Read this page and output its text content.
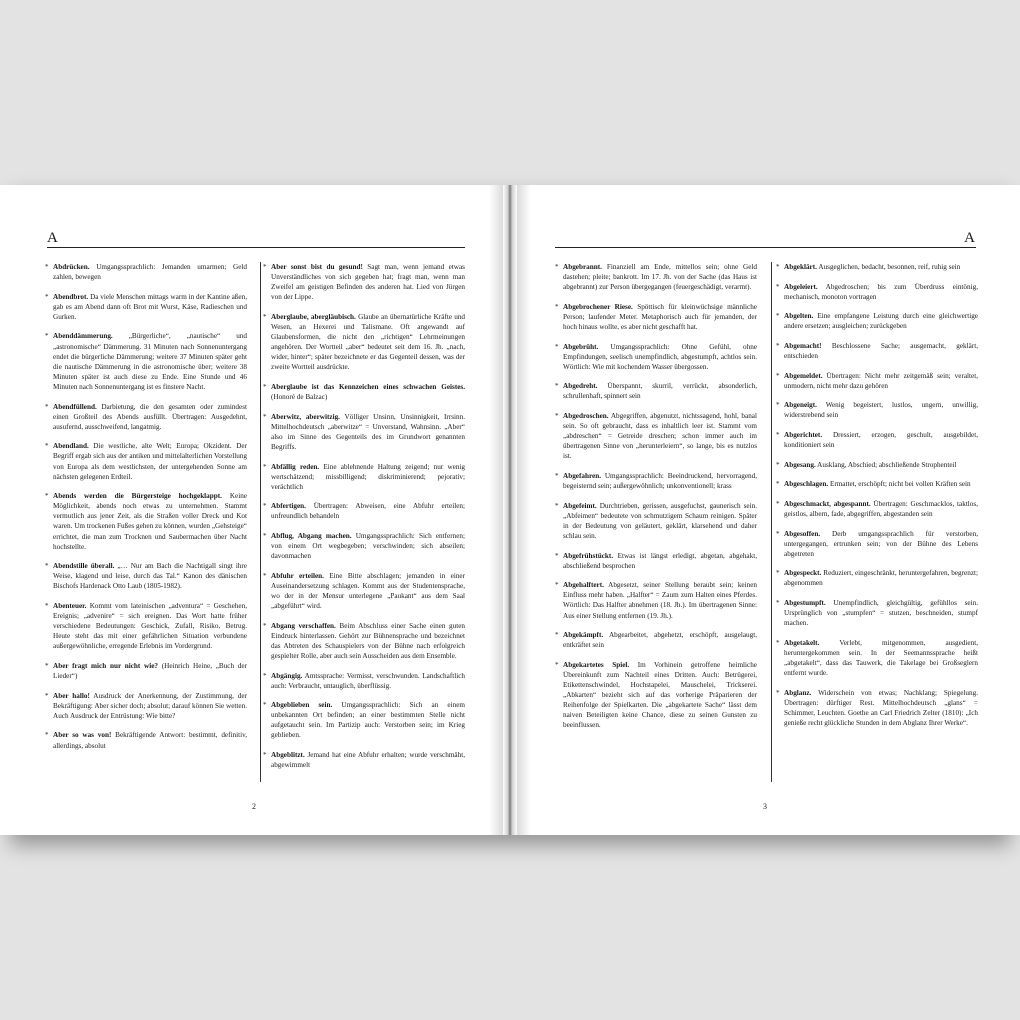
A
* Abdrücken. Umgangssprachlich: Jemanden umarmen; Geld zahlen, bewegen
* Abendbrot. Da viele Menschen mittags warm in der Kantine aßen, gab es am Abend dann oft Brot mit Wurst, Käse, Radieschen und Gurken.
* Abenddämmerung. „Bürgerliche“, „nautische“ und „astronomische“ Dämmerung. 31 Minuten nach Sonnenuntergang endet die bürgerliche Dämmerung; weitere 37 Minuten später geht die nautische Dämmerung in die astronomische über; weitere 38 Minuten später ist auch diese zu Ende. Eine Stunde und 46 Minuten nach Sonnenuntergang ist es finstere Nacht.
* Abendfüllend. Darbietung, die den gesamten oder zumindest einen Großteil des Abends ausfüllt. Übertragen: Ausgedehnt, ausufernd, ausschweifend, langatmig.
* Abendland. Die westliche, alte Welt; Europa; Okzident. Der Begriff ergab sich aus der antiken und mittelalterlichen Vorstellung von Europa als dem westlichsten, der untergehenden Sonne am nächsten gelegenen Erdteil.
* Abends werden die Bürgersteige hochgeklappt. Keine Möglichkeit, abends noch etwas zu unternehmen. Stammt vermutlich aus jener Zeit, als die Straßen voller Dreck und Kot waren. Um trockenen Fußes gehen zu können, wurden „Gehsteige“ errichtet, die man zum Trocknen und Saubermachen über Nacht hochstellte.
* Abendstille überall. „… Nur am Bach die Nachtigall singt ihre Weise, klagend und leise, durch das Tal.“ Kanon des dänischen Bischofs Hardenack Otto Laub (1805-1982).
* Abenteuer. Kommt vom lateinischen „adventura“ = Geschehen, Ereignis; „advenire“ = sich ereignen. Das Wort hatte früher verschiedene Bedeutungen: Geschick, Zufall, Risiko, Betrug. Heute steht das mit einer gefährlichen Situation verbundene außergewöhnliche, erregende Erlebnis im Vordergrund.
* Aber fragt mich nur nicht wie? (Heinrich Heine, „Buch der Lieder“)
* Aber hallo! Ausdruck der Anerkennung, der Zustimmung, der Bekräftigung: Aber sicher doch; absolut; darauf können Sie wetten. Auch Ausdruck der Entrüstung: Wie bitte?
* Aber so was von! Bekräftigende Antwort: bestimmt, definitiv, allerdings, absolut
* Aber sonst bist du gesund! Sagt man, wenn jemand etwas Unverständliches von sich gegeben hat; fragt man, wenn man Zweifel am geistigen Befinden des anderen hat. Lied von Jürgen von der Lippe.
* Aberglaube, abergläubisch. Glaube an übernatürliche Kräfte und Wesen, an Hexerei und Talismane. Oft angewandt auf Glaubensformen, die nicht den „richtigen“ Lehrmeinungen angehören. Der Wortteil „aber“ bedeutet seit dem 16. Jh. „nach, wider, hinter“; später bezeichnete er das Gegenteil dessen, was der zweite Wortteil ausdrückte.
* Aberglaube ist das Kennzeichen eines schwachen Geistes. (Honoré de Balzac)
* Aberwitz, aberwitzig. Völliger Unsinn, Unsinnigkeit, Irrsinn. Mittelhochdeutsch „aberwitze“ = Unverstand, Wahnsinn. „Aber“ also im Sinne des Gegenteils des im Grundwort genannten Begriffs.
* Abfällig reden. Eine ablehnende Haltung zeigend; nur wenig wertschätzend; missbilligend; diskriminierend; pejorativ; verächtlich
* Abfertigen. Übertragen: Abweisen, eine Abfuhr erteilen; unfreundlich behandeln
* Abflug, Abgang machen. Umgangssprachlich: Sich entfernen; von einem Ort wegbegeben; verschwinden; sich abseilen; davonmachen
* Abfuhr erteilen. Eine Bitte abschlagen; jemanden in einer Auseinandersetzung schlagen. Kommt aus der Studentensprache, wo der in der Mensur unterlegene „Paukant“ aus dem Saal „abgeführt“ wird.
* Abgang verschaffen. Beim Abschluss einer Sache einen guten Eindruck hinterlassen. Gehört zur Bühnensprache und bezeichnet das Abtreten des Schauspielers von der Bühne nach erfolgreich gespielter Rolle, aber auch sein Ausscheiden aus dem Ensemble.
* Abgängig. Amtssprache: Vermisst, verschwunden. Landschaftlich auch: Verbraucht, untauglich, überflüssig.
* Abgeblieben sein. Umgangssprachlich: Sich an einem unbekannten Ort befinden; an einer bestimmten Stelle nicht aufgetaucht sein. Im Partizip auch: Verstorben sein; im Krieg geblieben.
* Abgeblitzt. Jemand hat eine Abfuhr erhalten; wurde verschmäht, abgewimmelt
2
A
* Abgebrannt. Finanziell am Ende, mittellos sein; ohne Geld dastehen; pleite; bankrott. Im 17. Jh. von der Sache (das Haus ist abgebrannt) zur Person übergegangen (feuergeschädigt, verarmt).
* Abgebrochener Riese. Spöttisch für kleinwüchsige männliche Person; laufender Meter. Metaphorisch auch für jemanden, der hoch hinaus wollte, es aber nicht geschafft hat.
* Abgebrüht. Umgangssprachlich: Ohne Gefühl, ohne Empfindungen, seelisch unempfindlich, abgestumpft, achtlos sein. Wörtlich: Wie mit kochendem Wasser übergossen.
* Abgedreht. Überspannt, skurril, verrückt, absonderlich, schrullenhaft, spinnert sein
* Abgedroschen. Abgegriffen, abgenutzt, nichtssagend, hohl, banal sein. So oft gebraucht, dass es inhaltlich leer ist. Stammt vom „abdreschen“ = Getreide dreschen; schon immer auch im übertragenen Sinne von „herunterleiern“, so lange, bis es nutzlos ist.
* Abgefahren. Umgangssprachlich: Beeindruckend, hervorragend, begeisternd sein; außergewöhnlich; unkonventionell; krass
* Abgefeimt. Durchtrieben, gerissen, ausgefuchst, gaunerisch sein. „Abfeimen“ bedeutete von schmutzigem Schaum reinigen. Später in der Bedeutung von geläutert, geklärt, klarsehend und daher schlau sein.
* Abgefrühstückt. Etwas ist längst erledigt, abgetan, abgehakt, abschließend besprochen
* Abgehalftert. Abgesetzt, seiner Stellung beraubt sein; keinen Einfluss mehr haben. „Halfter“ = Zaum zum Halten eines Pferdes. Wörtlich: Das Halfter abnehmen (18. Jh.). Im übertragenen Sinne: Aus einer Stellung entfernen (19. Jh.).
* Abgekämpft. Abgearbeitet, abgehetzt, erschöpft, ausgelaugt, entkräftet sein
* Abgekartetes Spiel. Im Vorhinein getroffene heimliche Übereinkunft zum Nachteil eines Dritten. Auch: Betrügerei, Etikettenschwindel, Hochstapelei, Mauschelei, Trickserei. „Abkarten“ bezieht sich auf das vorherige Präparieren der Reihenfolge der Spielkarten. Die „abgekartete Sache“ lässt dem naiven Beteiligten keine Chance, diese zu seinen Gunsten zu beeinflussen.
* Abgeklärt. Ausgeglichen, bedacht, besonnen, reif, ruhig sein
* Abgeleiert. Abgedroschen; bis zum Überdruss eintönig, mechanisch, monoton vortragen
* Abgelten. Eine empfangene Leistung durch eine gleichwertige andere ersetzen; ausgleichen; zurückgeben
* Abgemacht! Beschlossene Sache; ausgemacht, geklärt, entschieden
* Abgemeldet. Übertragen: Nicht mehr zeitgemäß sein; veraltet, unmodern, nicht mehr dazu gehören
* Abgeneigt. Wenig begeistert, lustlos, ungern, unwillig, widerstrebend sein
* Abgerichtet. Dressiert, erzogen, geschult, ausgebildet, konditioniert sein
* Abgesang. Ausklang, Abschied; abschließende Strophenteil
* Abgeschlagen. Ermattet, erschöpft; nicht bei vollen Kräften sein
* Abgeschmackt, abgespannt. Übertragen: Geschmacklos, taktlos, geistlos, albern, fade, abgegriffen, abgestanden sein
* Abgesoffen. Derb umgangssprachlich für verstorben, untergegangen, ertrunken sein; von der Bühne des Lebens abgetreten
* Abgespeckt. Reduziert, eingeschränkt, heruntergefahren, begrenzt; abgenommen
* Abgestumpft. Unempfindlich, gleichgültig, gefühllos sein. Ursprünglich von „stumpfen“ = stutzen, beschneiden, stumpf machen.
* Abgetakelt.	Verlebt, mitgenommen, ausgedient, heruntergekommen sein. In der Seemannssprache heißt „abgetakelt“, dass das Tauwerk, die Takelage bei Großseglern entfernt wurde.
* Abglanz. Widerschein von etwas; Nachklang; Spiegelung. Übertragen: dürftiger Rest. Mittelhochdeutsch „glans“ = Schimmer, Leuchten. Goethe an Carl Friedrich Zelter (1810): „Ich genieße recht glückliche Stunden in dem Abglanz Ihrer Werke“.
3
